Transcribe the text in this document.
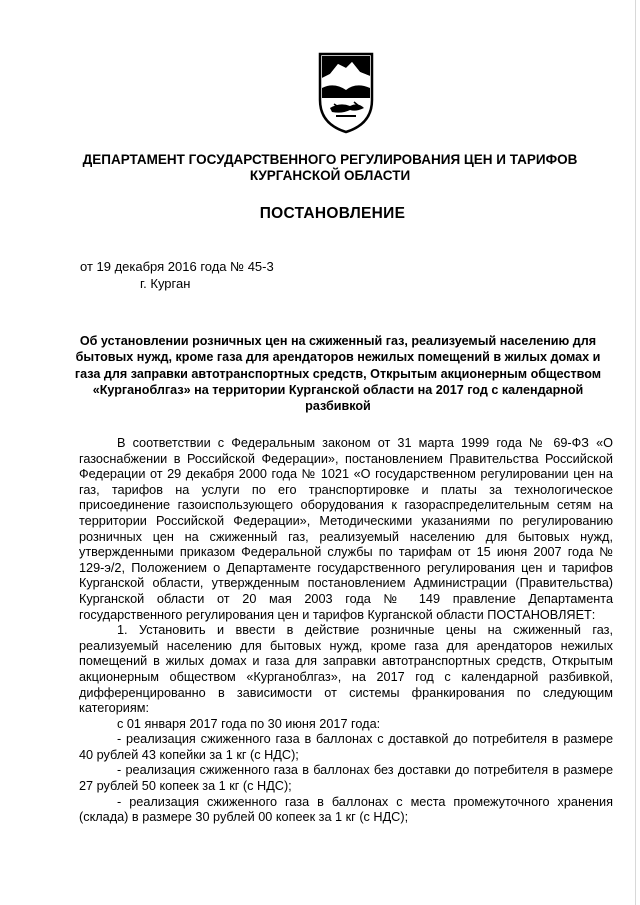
ДЕПАРТАМЕНТ ГОСУДАРСТВЕННОГО РЕГУЛИРОВАНИЯ ЦЕН И ТАРИФОВ
КУРГАНСКОЙ ОБЛАСТИ
ПОСТАНОВЛЕНИЕ
от 19 декабря 2016 года № 45-3
г. Курган
Об установлении розничных цен на сжиженный газ, реализуемый населению для бытовых нужд, кроме газа для арендаторов нежилых помещений в жилых домах и газа для заправки автотранспортных средств, Открытым акционерным обществом «Курганоблгаз» на территории Курганской области на 2017 год с календарной разбивкой

В соответствии с Федеральным законом от 31 марта 1999 года № 69-ФЗ «О газоснабжении в Российской Федерации», постановлением Правительства Российской Федерации от 29 декабря 2000 года № 1021 «О государственном регулировании цен на газ, тарифов на услуги по его транспортировке и платы за технологическое присоединение газоиспользующего оборудования к газораспределительным сетям на территории Российской Федерации», Методическими указаниями по регулированию розничных цен на сжиженный газ, реализуемый населению для бытовых нужд, утвержденными приказом Федеральной службы по тарифам от 15 июня 2007 года № 129-э/2, Положением о Департаменте государственного регулирования цен и тарифов Курганской области, утвержденным постановлением Администрации (Правительства) Курганской области от 20 мая 2003 года № 149 правление Департамента государственного регулирования цен и тарифов Курганской области ПОСТАНОВЛЯЕТ:

1. Установить и ввести в действие розничные цены на сжиженный газ, реализуемый населению для бытовых нужд, кроме газа для арендаторов нежилых помещений в жилых домах и газа для заправки автотранспортных средств, Открытым акционерным обществом «Курганоблгаз», на 2017 год с календарной разбивкой, дифференцированно в зависимости от системы франкирования по следующим категориям:

с 01 января 2017 года по 30 июня 2017 года:

- реализация сжиженного газа в баллонах с доставкой до потребителя в размере 40 рублей 43 копейки за 1 кг (с НДС);

- реализация сжиженного газа в баллонах без доставки до потребителя в размере 27 рублей 50 копеек за 1 кг (с НДС);

- реализация сжиженного газа в баллонах с места промежуточного хранения (склада) в размере 30 рублей 00 копеек за 1 кг (с НДС);
